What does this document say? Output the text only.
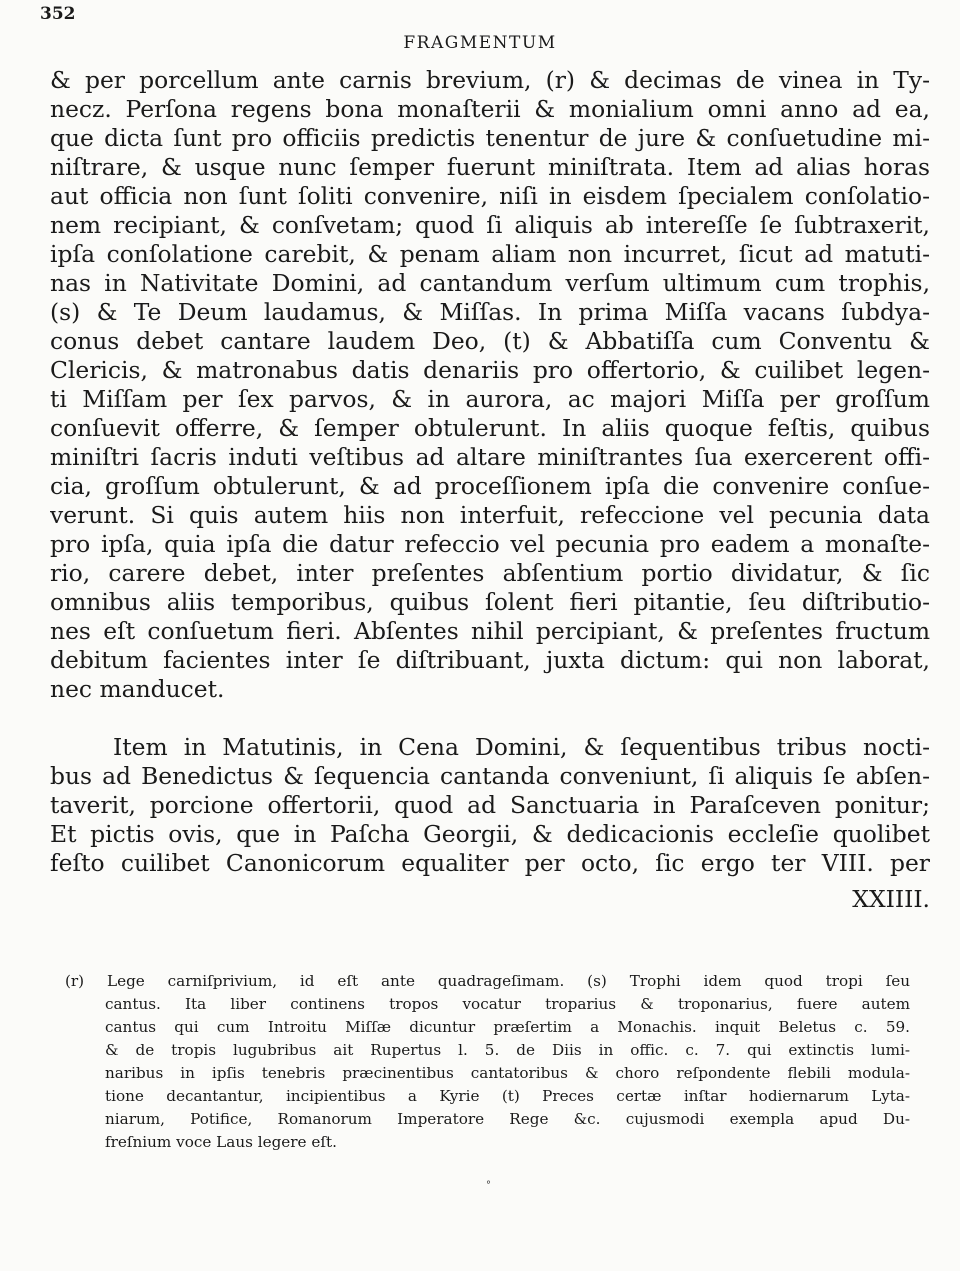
352
FRAGMENTUM
& per porcellum ante carnis brevium, (r) & decimas de vinea in Ty-
necz. Perſona regens bona monaſterii & monialium omni anno ad ea,
que dicta ſunt pro officiis predictis tenentur de jure & conſuetudine mi-
niſtrare, & usque nunc ſemper fuerunt miniſtrata. Item ad alias horas
aut officia non ſunt ſoliti convenire, niſi in eisdem ſpecialem conſolatio-
nem recipiant, & conſvetam; quod ſi aliquis ab intereſſe ſe ſubtraxerit,
ipſa conſolatione carebit, & penam aliam non incurret, ſicut ad matuti-
nas in Nativitate Domini, ad cantandum verſum ultimum cum trophis,
(s) & Te Deum laudamus, & Miſſas. In prima Miſſa vacans ſubdya-
conus debet cantare laudem Deo, (t) & Abbatiſſa cum Conventu &
Clericis, & matronabus datis denariis pro offertorio, & cuilibet legen-
ti Miſſam per ſex parvos, & in aurora, ac majori Miſſa per groſſum
conſuevit offerre, & ſemper obtulerunt. In aliis quoque feſtis, quibus
miniſtri ſacris induti veſtibus ad altare miniſtrantes ſua exercerent offi-
cia, groſſum obtulerunt, & ad proceſſionem ipſa die convenire conſue-
verunt. Si quis autem hiis non interfuit, refeccione vel pecunia data
pro ipſa, quia ipſa die datur refeccio vel pecunia pro eadem a monaſte-
rio, carere debet, inter preſentes abſentium portio dividatur, & ſic
omnibus aliis temporibus, quibus ſolent fieri pitantie, ſeu diſtributio-
nes eſt conſuetum fieri. Abſentes nihil percipiant, & preſentes fructum
debitum facientes inter ſe diſtribuant, juxta dictum: qui non laborat,
nec manducet.
Item in Matutinis, in Cena Domini, & ſequentibus tribus nocti-
bus ad Benedictus & ſequencia cantanda conveniunt, ſi aliquis ſe abſen-
taverit, porcione offertorii, quod ad Sanctuaria in Paraſceven ponitur;
Et pictis ovis, que in Paſcha Georgii, & dedicacionis eccleſie quolibet
feſto cuilibet Canonicorum equaliter per octo, ſic ergo ter VIII. per
XXIIII.
(r) Lege carniſprivium, id eſt ante quadrageſimam. (s) Trophi idem quod tropi ſeu
cantus. Ita liber continens tropos vocatur troparius & troponarius, fuere autem
cantus qui cum Introitu Miſſæ dicuntur præſertim a Monachis. inquit Beletus c. 59.
& de tropis lugubribus ait Rupertus l. 5. de Diis in offic. c. 7. qui extinctis lumi-
naribus in ipſis tenebris præcinentibus cantatoribus & choro reſpondente flebili modula-
tione decantantur, incipientibus a Kyrie (t) Preces certæ inſtar hodiernarum Lyta-
niarum, Potifice, Romanorum Imperatore Rege &c. cujusmodi exempla apud Du-
freſnium voce Laus legere eſt.
°
